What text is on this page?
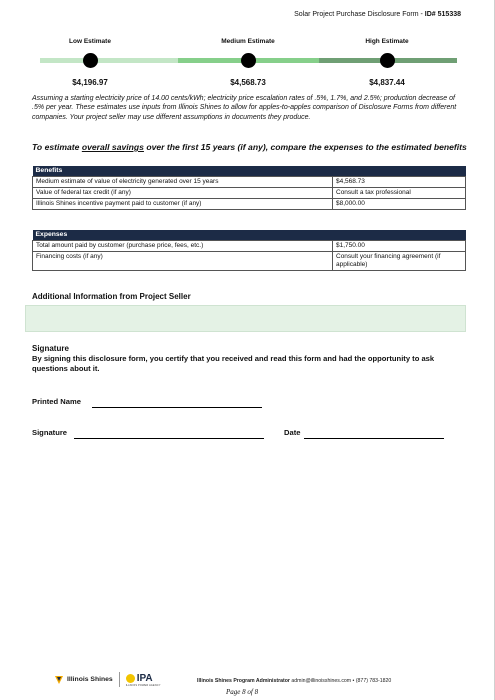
Solar Project Purchase Disclosure Form - ID# 515338
Low Estimate	Medium Estimate	High Estimate
$4,196.97	$4,568.73	$4,837.44
Assuming a starting electricity price of 14.00 cents/kWh; electricity price escalation rates of .5%, 1.7%, and 2.5%; production decrease of .5% per year. These estimates use inputs from Illinois Shines to allow for apples-to-apples comparison of Disclosure Forms from different companies. Your project seller may use different assumptions in documents they produce.
To estimate overall savings over the first 15 years (if any), compare the expenses to the estimated benefits
Benefits	
Medium estimate of value of electricity generated over 15 years	$4,568.73
Value of federal tax credit (if any)	Consult a tax professional
Illinois Shines incentive payment paid to customer (if any)	$8,000.00
Expenses	
Total amount paid by customer (purchase price, fees, etc.)	$1,750.00
Financing costs (if any)	Consult your financing agreement (if applicable)
Additional Information from Project Seller
Signature
By signing this disclosure form, you certify that you received and read this form and had the opportunity to ask questions about it.
Printed Name
Signature	Date
Illinois Shines IPA
ILLINOIS POWER AGENCY
Illinois Shines Program Administrator admin@illinoisshines.com • (877) 783-1820
Page 8 of 8
